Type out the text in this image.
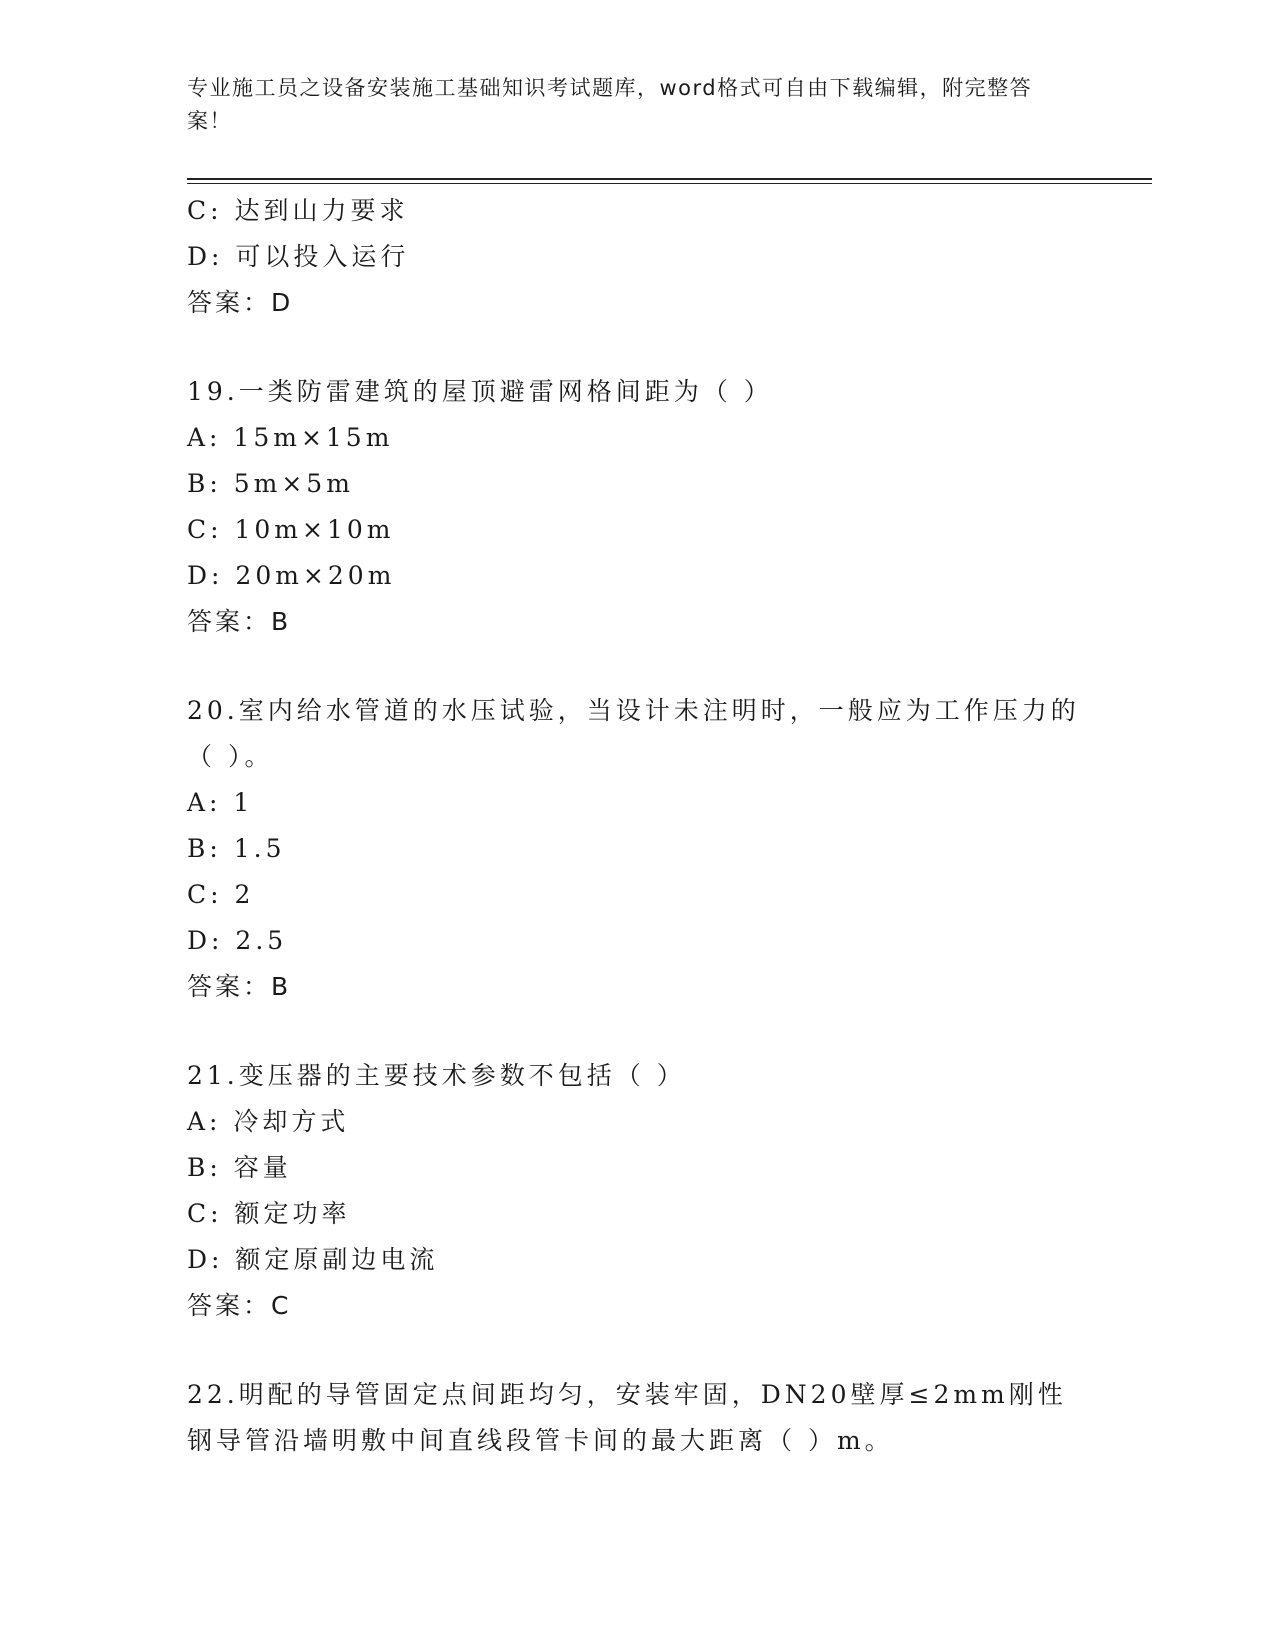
专业施工员之设备安装施工基础知识考试题库，word格式可自由下载编辑，附完整答案！
C: 达到山力要求
D: 可以投入运行
答案：D
19.一类防雷建筑的屋顶避雷网格间距为（ ）
A: 15m×15m
B: 5m×5m
C: 10m×10m
D: 20m×20m
答案：B
20.室内给水管道的水压试验，当设计未注明时，一般应为工作压力的（ ）。
A: 1
B: 1.5
C: 2
D: 2.5
答案：B
21.变压器的主要技术参数不包括（ ）
A: 冷却方式
B: 容量
C: 额定功率
D: 额定原副边电流
答案：C
22.明配的导管固定点间距均匀，安装牢固，DN20壁厚≤2mm刚性钢导管沿墙明敷中间直线段管卡间的最大距离（ ）m。
